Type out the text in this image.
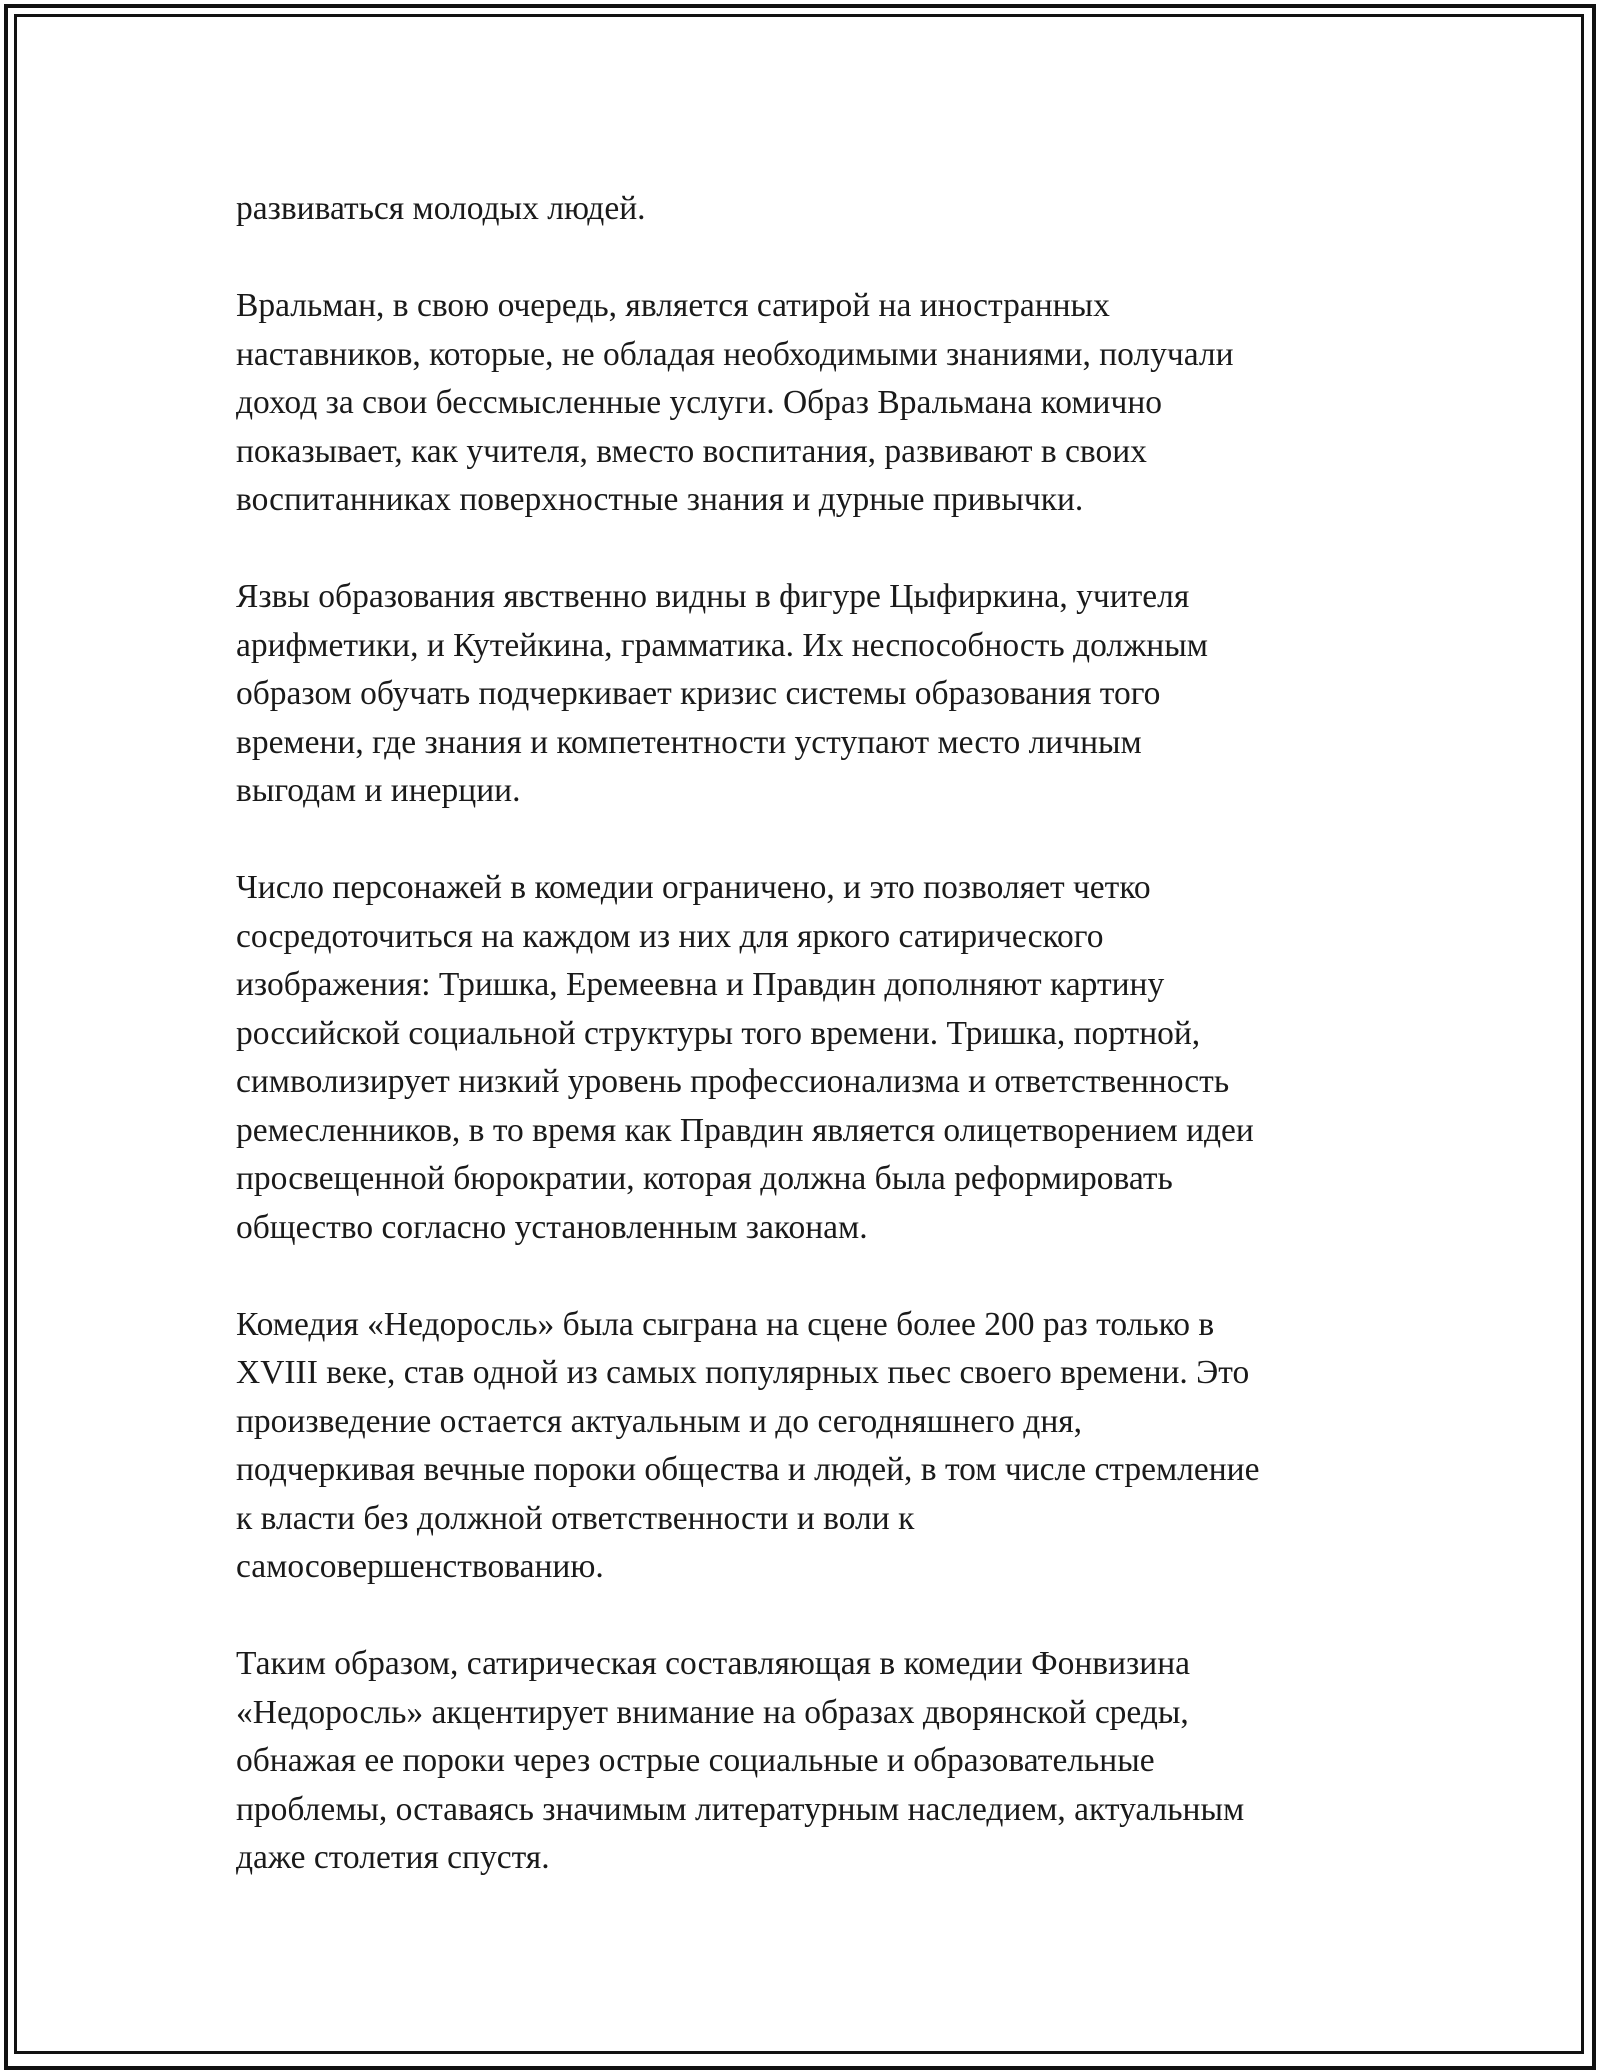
развиваться молодых людей.

Вральман, в свою очередь, является сатирой на иностранных
наставников, которые, не обладая необходимыми знаниями, получали
доход за свои бессмысленные услуги. Образ Вральмана комично
показывает, как учителя, вместо воспитания, развивают в своих
воспитанниках поверхностные знания и дурные привычки.

Язвы образования явственно видны в фигуре Цыфиркина, учителя
арифметики, и Кутейкина, грамматика. Их неспособность должным
образом обучать подчеркивает кризис системы образования того
времени, где знания и компетентности уступают место личным
выгодам и инерции.

Число персонажей в комедии ограничено, и это позволяет четко
сосредоточиться на каждом из них для яркого сатирического
изображения: Тришка, Еремеевна и Правдин дополняют картину
российской социальной структуры того времени. Тришка, портной,
символизирует низкий уровень профессионализма и ответственность
ремесленников, в то время как Правдин является олицетворением идеи
просвещенной бюрократии, которая должна была реформировать
общество согласно установленным законам.

Комедия «Недоросль» была сыграна на сцене более 200 раз только в
XVIII веке, став одной из самых популярных пьес своего времени. Это
произведение остается актуальным и до сегодняшнего дня,
подчеркивая вечные пороки общества и людей, в том числе стремление
к власти без должной ответственности и воли к
самосовершенствованию.

Таким образом, сатирическая составляющая в комедии Фонвизина
«Недоросль» акцентирует внимание на образах дворянской среды,
обнажая ее пороки через острые социальные и образовательные
проблемы, оставаясь значимым литературным наследием, актуальным
даже столетия спустя.
